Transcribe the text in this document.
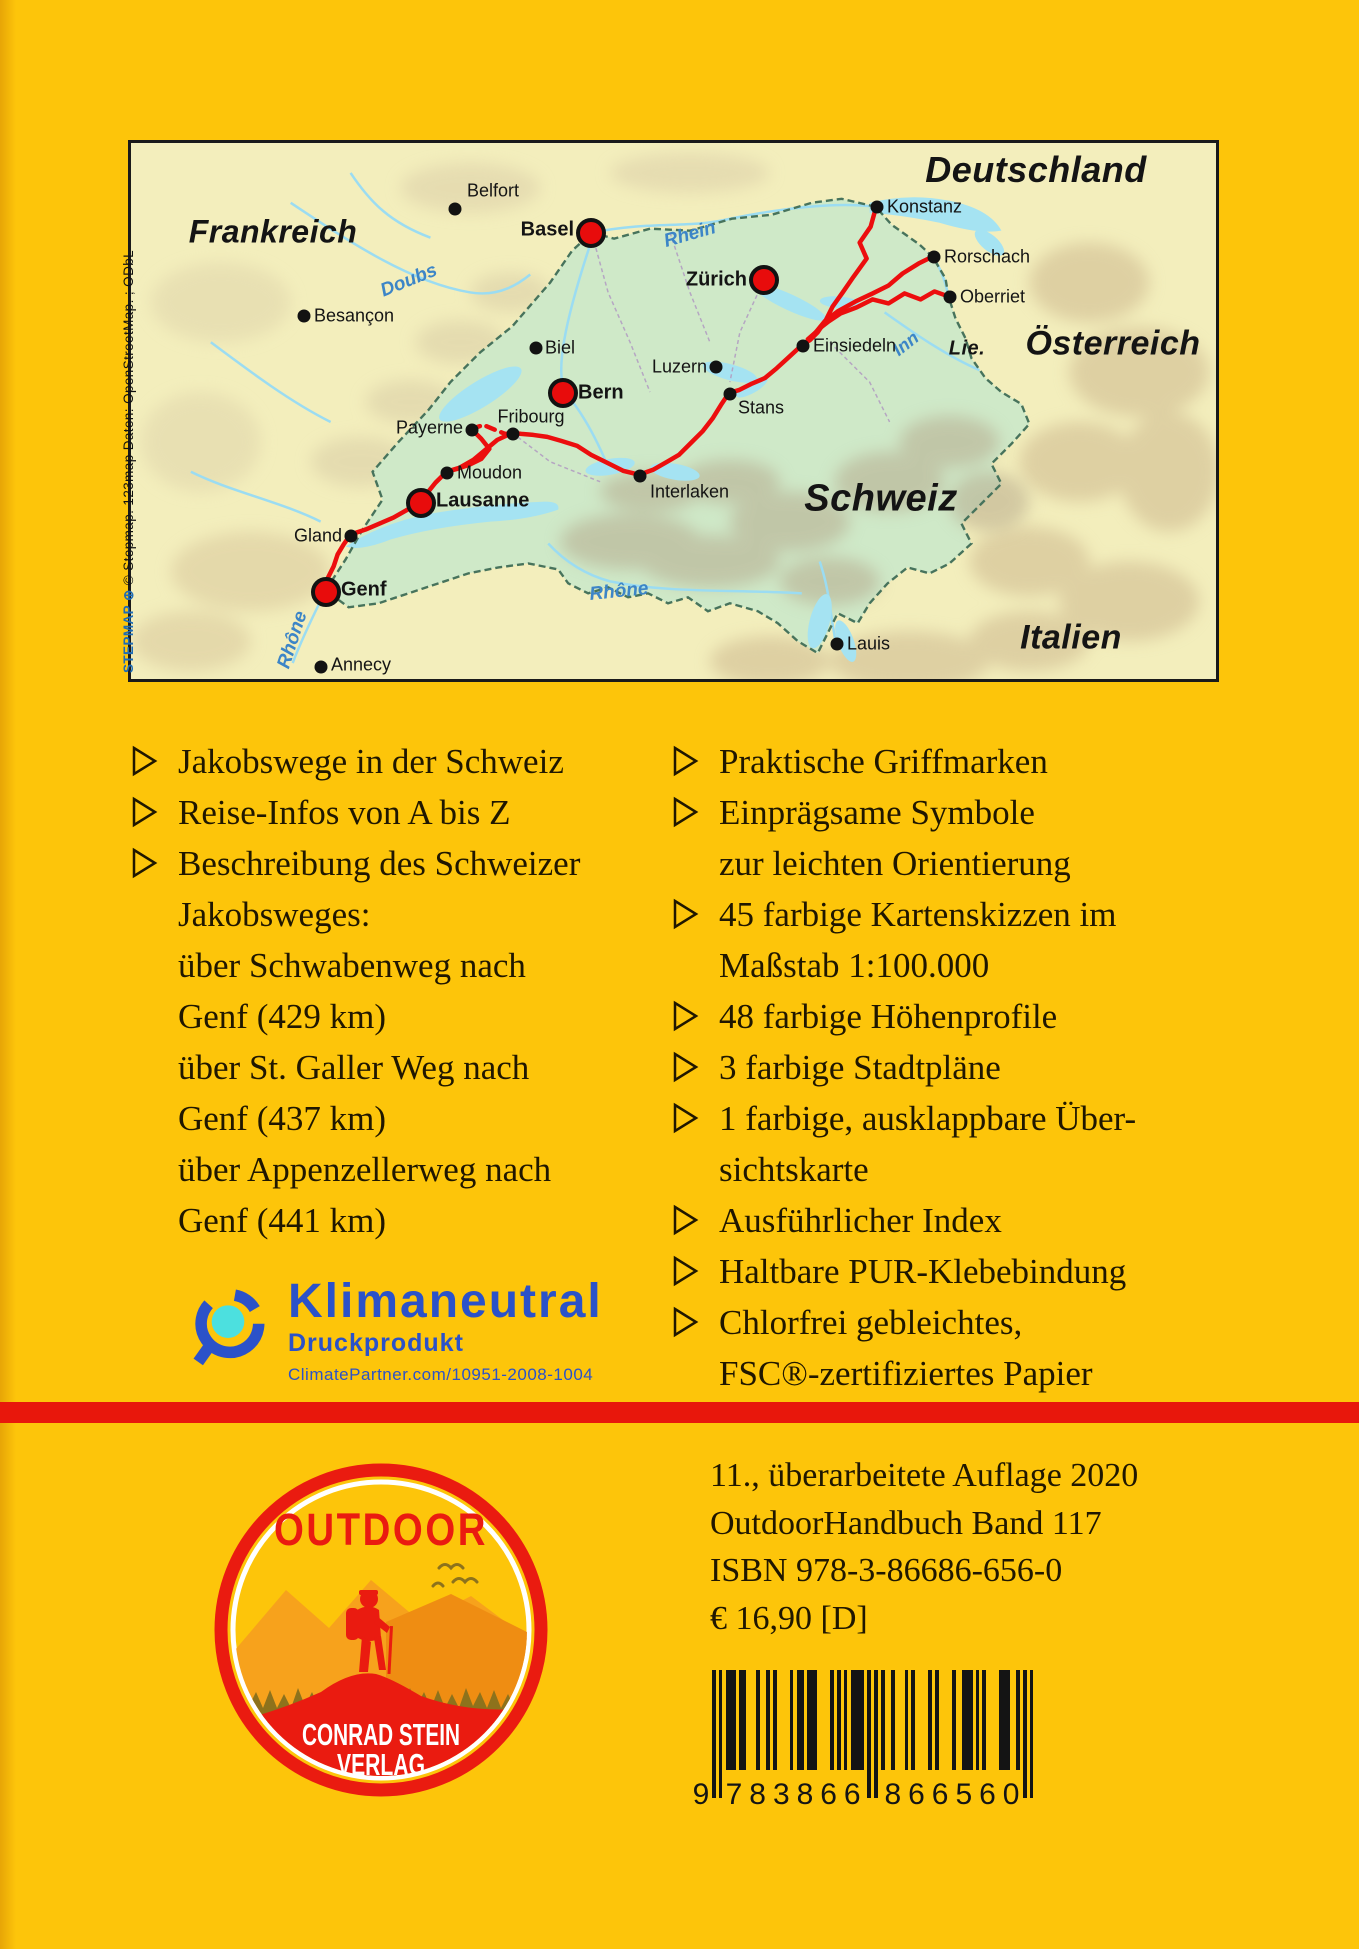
Frankreich
Deutschland
Österreich
Lie.
Schweiz
Italien
Doubs
Rhein
Rhône
Rhône
Inn
Belfort
Basel
Konstanz
Rorschach
Oberriet
Zürich
Besançon
Biel
Luzern
Einsiedeln
Bern
Stans
Payerne
Fribourg
Moudon
Interlaken
Lausanne
Gland
Genf
Annecy
Lauis
STEPMAP⊕© Stepmap. 123map Daten: OpenStreetMap. ; ODbL
Jakobswege in der Schweiz
Reise-Infos von A bis Z
Beschreibung des Schweizer
Jakobsweges:
über Schwabenweg nach
Genf (429 km)
über St. Galler Weg nach
Genf (437 km)
über Appenzellerweg nach
Genf (441 km)
Praktische Griffmarken
Einprägsame Symbole
zur leichten Orientierung
45 farbige Kartenskizzen im
Maßstab 1:100.000
48 farbige Höhenprofile
3 farbige Stadtpläne
1 farbige, ausklappbare Über-
sichtskarte
Ausführlicher Index
Haltbare PUR-Klebebindung
Chlorfrei gebleichtes,
FSC®-zertifiziertes Papier
Klimaneutral
Druckprodukt
ClimatePartner.com/10951-2008-1004
OUTDOOR
CONRAD STEIN
VERLAG
11., überarbeitete Auflage 2020
OutdoorHandbuch Band 117
ISBN 978-3-86686-656-0
€ 16,90 [D]
9 7 8 3 8 6 6 8 6 6 5 6 0
